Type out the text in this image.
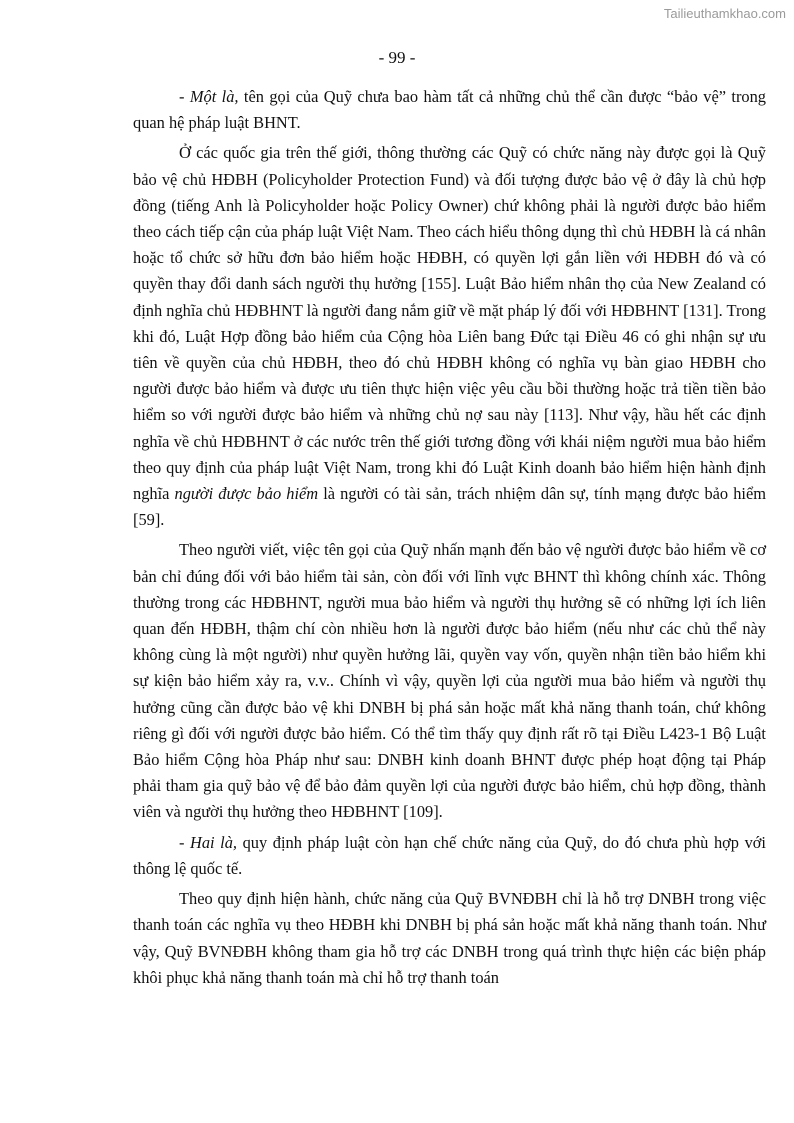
Tailieuthamkhao.com
- 99 -

- Một là, tên gọi của Quỹ chưa bao hàm tất cả những chủ thể cần được “bảo vệ” trong quan hệ pháp luật BHNT.

Ở các quốc gia trên thế giới, thông thường các Quỹ có chức năng này được gọi là Quỹ bảo vệ chủ HĐBH (Policyholder Protection Fund) và đối tượng được bảo vệ ở đây là chủ hợp đồng (tiếng Anh là Policyholder hoặc Policy Owner) chứ không phải là người được bảo hiểm theo cách tiếp cận của pháp luật Việt Nam. Theo cách hiểu thông dụng thì chủ HĐBH là cá nhân hoặc tổ chức sở hữu đơn bảo hiểm hoặc HĐBH, có quyền lợi gắn liền với HĐBH đó và có quyền thay đổi danh sách người thụ hưởng [155]. Luật Bảo hiểm nhân thọ của New Zealand có định nghĩa chủ HĐBHNT là người đang nắm giữ về mặt pháp lý đối với HĐBHNT [131]. Trong khi đó, Luật Hợp đồng bảo hiểm của Cộng hòa Liên bang Đức tại Điều 46 có ghi nhận sự ưu tiên về quyền của chủ HĐBH, theo đó chủ HĐBH không có nghĩa vụ bàn giao HĐBH cho người được bảo hiểm và được ưu tiên thực hiện việc yêu cầu bồi thường hoặc trả tiền tiền bảo hiểm so với người được bảo hiểm và những chủ nợ sau này [113]. Như vậy, hầu hết các định nghĩa về chủ HĐBHNT ở các nước trên thế giới tương đồng với khái niệm người mua bảo hiểm theo quy định của pháp luật Việt Nam, trong khi đó Luật Kinh doanh bảo hiểm hiện hành định nghĩa người được bảo hiểm là người có tài sản, trách nhiệm dân sự, tính mạng được bảo hiểm [59].

Theo người viết, việc tên gọi của Quỹ nhấn mạnh đến bảo vệ người được bảo hiểm về cơ bản chỉ đúng đối với bảo hiểm tài sản, còn đối với lĩnh vực BHNT thì không chính xác. Thông thường trong các HĐBHNT, người mua bảo hiểm và người thụ hưởng sẽ có những lợi ích liên quan đến HĐBH, thậm chí còn nhiều hơn là người được bảo hiểm (nếu như các chủ thể này không cùng là một người) như quyền hưởng lãi, quyền vay vốn, quyền nhận tiền bảo hiểm khi sự kiện bảo hiểm xảy ra, v.v.. Chính vì vậy, quyền lợi của người mua bảo hiểm và người thụ hưởng cũng cần được bảo vệ khi DNBH bị phá sản hoặc mất khả năng thanh toán, chứ không riêng gì đối với người được bảo hiểm. Có thể tìm thấy quy định rất rõ tại Điều L423-1 Bộ Luật Bảo hiểm Cộng hòa Pháp như sau: DNBH kinh doanh BHNT được phép hoạt động tại Pháp phải tham gia quỹ bảo vệ để bảo đảm quyền lợi của người được bảo hiểm, chủ hợp đồng, thành viên và người thụ hưởng theo HĐBHNT [109].

- Hai là, quy định pháp luật còn hạn chế chức năng của Quỹ, do đó chưa phù hợp với thông lệ quốc tế.

Theo quy định hiện hành, chức năng của Quỹ BVNĐBH chỉ là hỗ trợ DNBH trong việc thanh toán các nghĩa vụ theo HĐBH khi DNBH bị phá sản hoặc mất khả năng thanh toán. Như vậy, Quỹ BVNĐBH không tham gia hỗ trợ các DNBH trong quá trình thực hiện các biện pháp khôi phục khả năng thanh toán mà chỉ hỗ trợ thanh toán
